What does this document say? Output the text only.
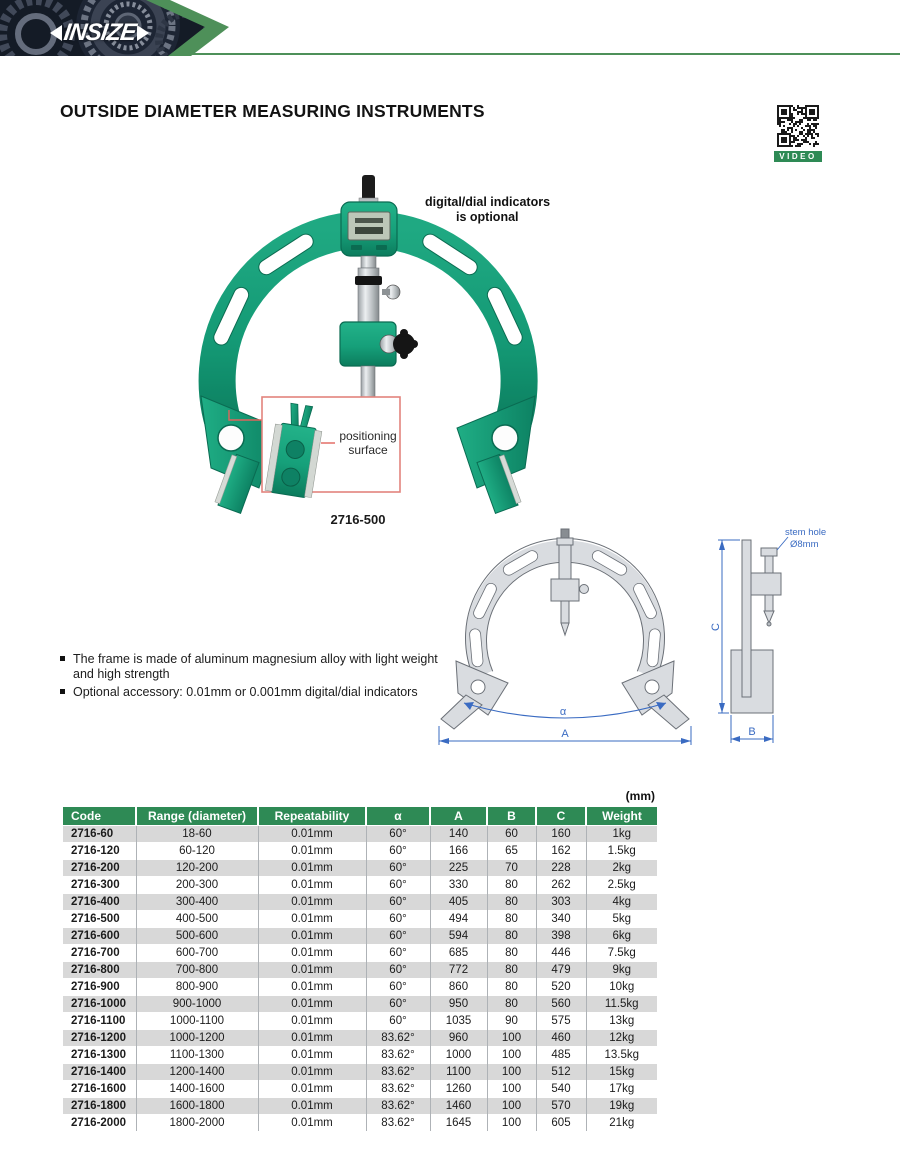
INSIZE
OUTSIDE DIAMETER MEASURING INSTRUMENTS
VIDEO
positioning
surface
digital/dial indicators
is optional
2716-500
α
A
C
B
stem hole
Ø8mm
The frame is made of aluminum magnesium alloy with light weight and high strength
Optional accessory: 0.01mm or 0.001mm digital/dial indicators
(mm)
Code	Range (diameter)	Repeatability	α	A	B	C	Weight
2716-60	18-60	0.01mm	60°	140	60	160	1kg
2716-120	60-120	0.01mm	60°	166	65	162	1.5kg
2716-200	120-200	0.01mm	60°	225	70	228	2kg
2716-300	200-300	0.01mm	60°	330	80	262	2.5kg
2716-400	300-400	0.01mm	60°	405	80	303	4kg
2716-500	400-500	0.01mm	60°	494	80	340	5kg
2716-600	500-600	0.01mm	60°	594	80	398	6kg
2716-700	600-700	0.01mm	60°	685	80	446	7.5kg
2716-800	700-800	0.01mm	60°	772	80	479	9kg
2716-900	800-900	0.01mm	60°	860	80	520	10kg
2716-1000	900-1000	0.01mm	60°	950	80	560	11.5kg
2716-1100	1000-1100	0.01mm	60°	1035	90	575	13kg
2716-1200	1000-1200	0.01mm	83.62°	960	100	460	12kg
2716-1300	1100-1300	0.01mm	83.62°	1000	100	485	13.5kg
2716-1400	1200-1400	0.01mm	83.62°	1100	100	512	15kg
2716-1600	1400-1600	0.01mm	83.62°	1260	100	540	17kg
2716-1800	1600-1800	0.01mm	83.62°	1460	100	570	19kg
2716-2000	1800-2000	0.01mm	83.62°	1645	100	605	21kg
